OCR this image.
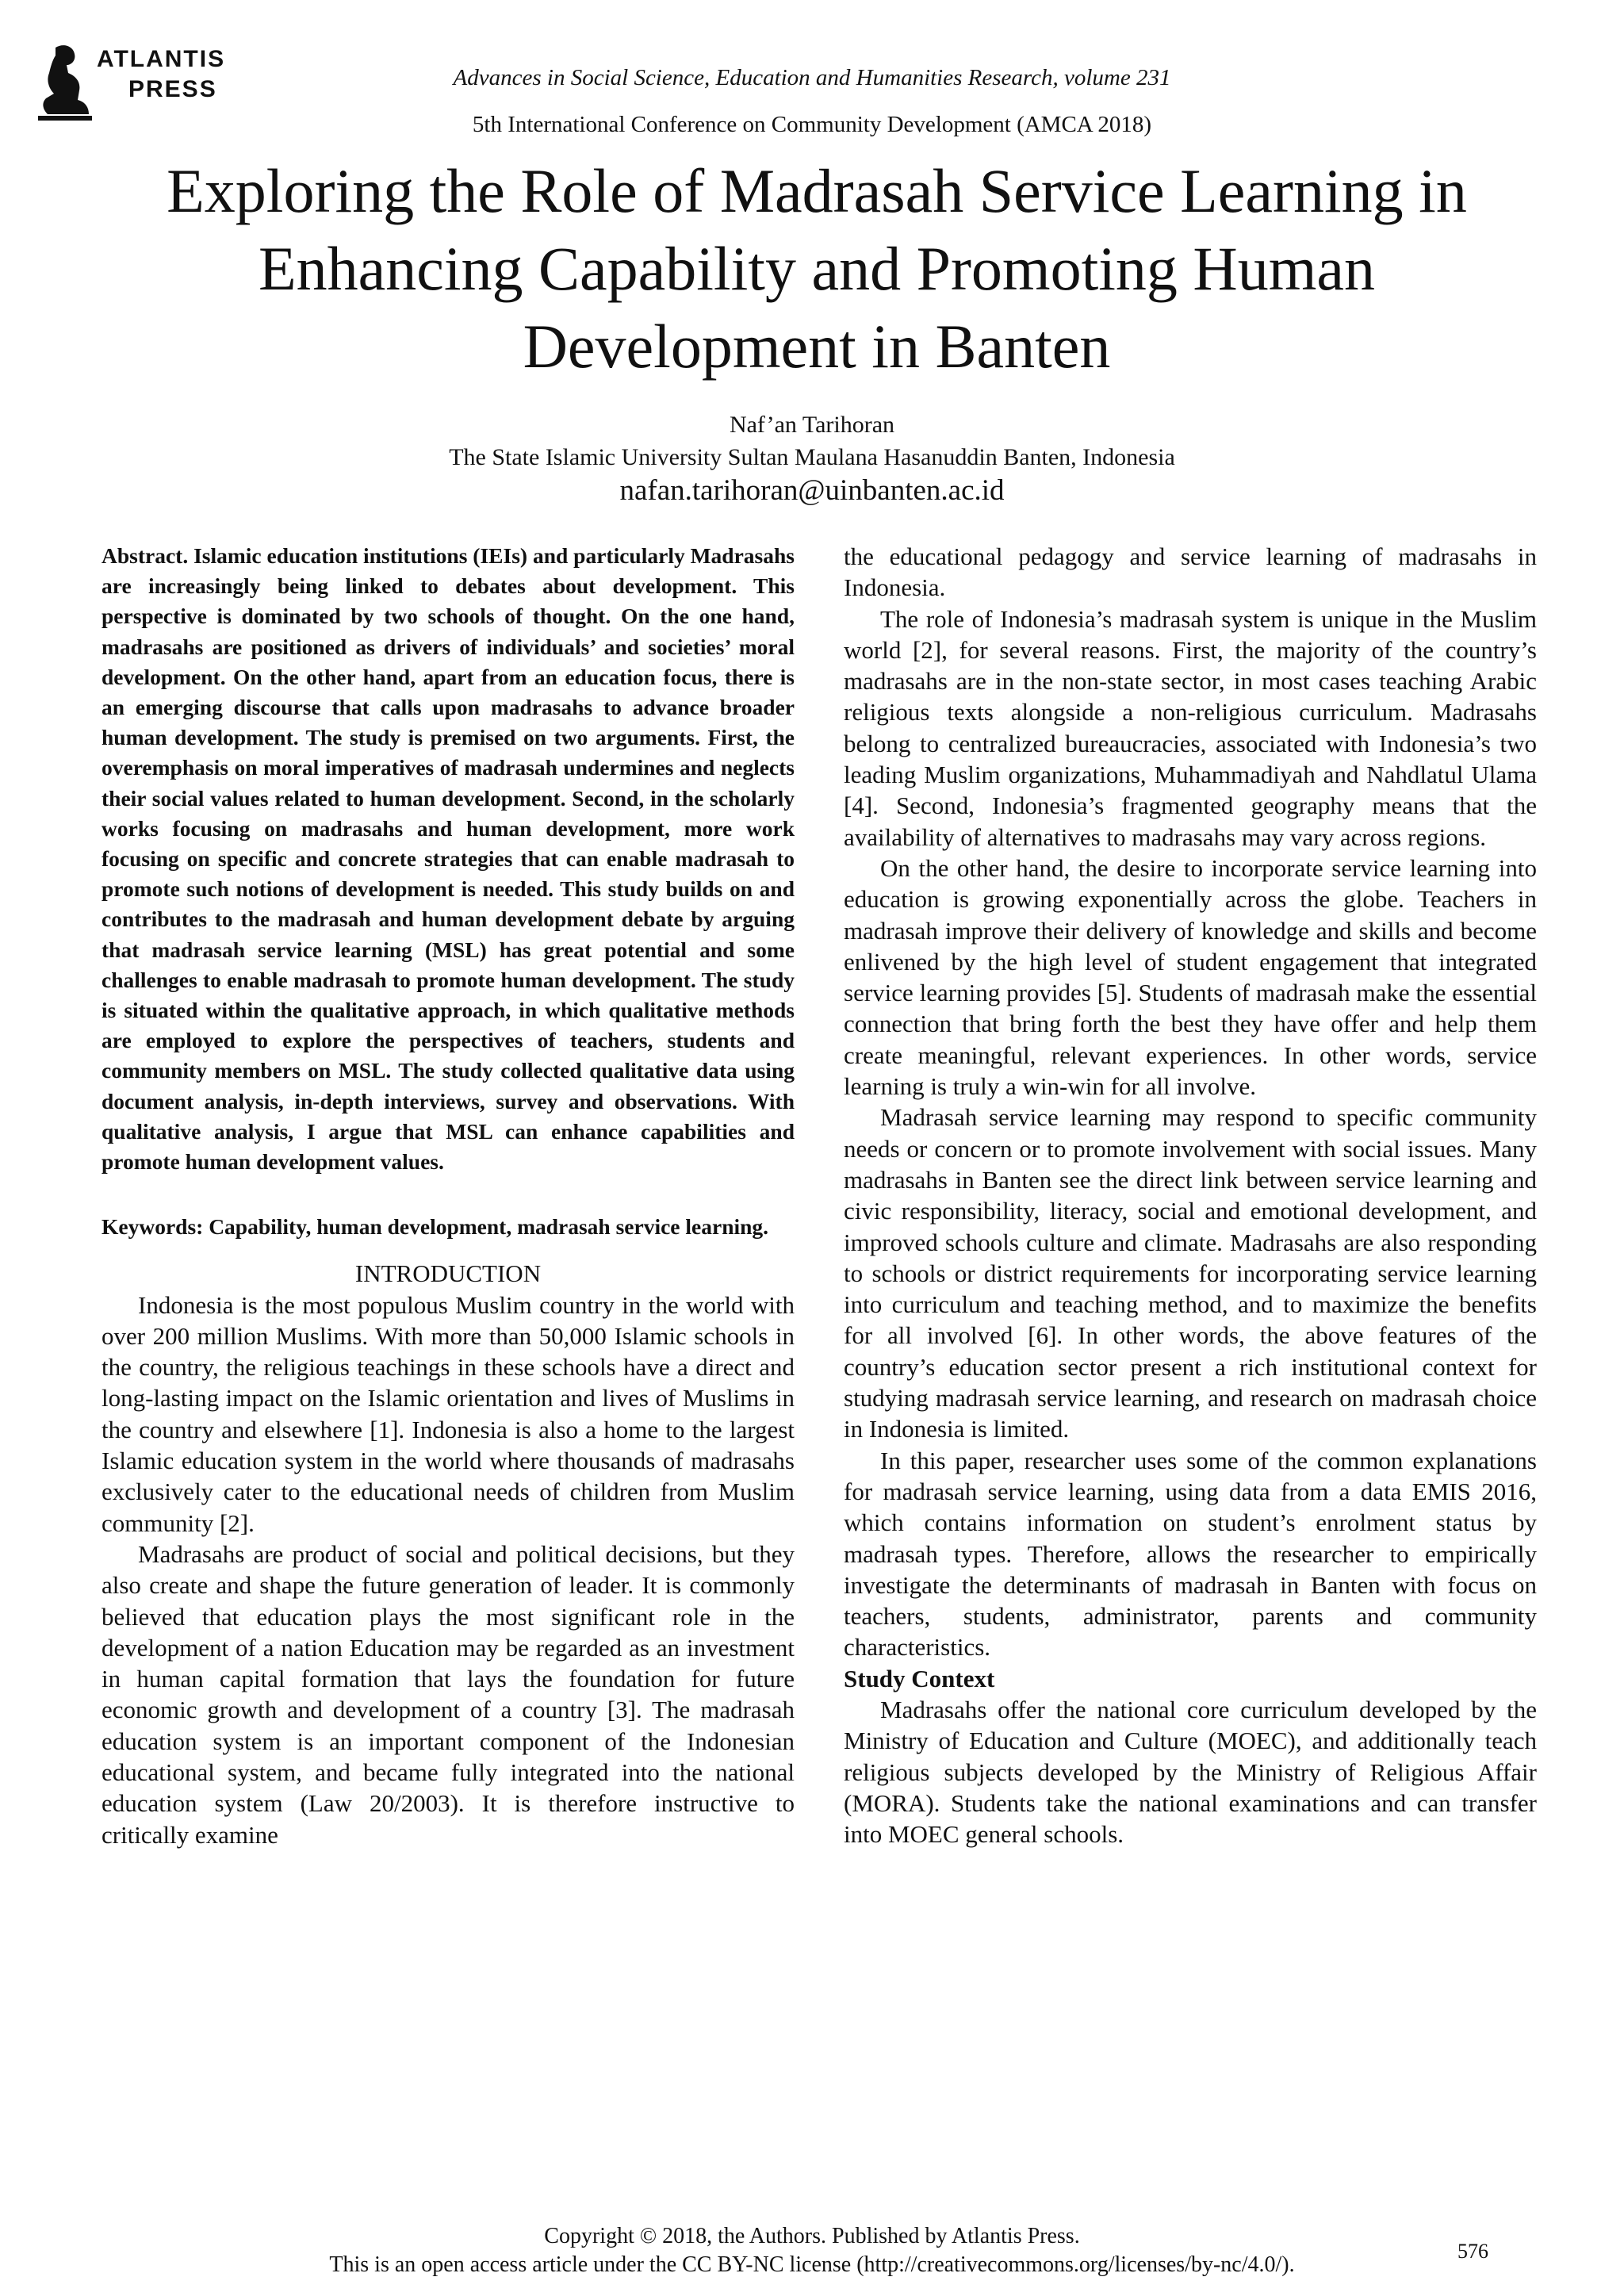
ATLANTIS
PRESS	Advances in Social Science, Education and Humanities Research, volume 231
5th International Conference on Community Development (AMCA 2018)
Exploring the Role of Madrasah Service Learning in Enhancing Capability and Promoting Human Development in Banten
Naf’an Tarihoran
The State Islamic University Sultan Maulana Hasanuddin Banten, Indonesia
nafan.tarihoran@uinbanten.ac.id

Abstract. Islamic education institutions (IEIs) and particularly Madrasahs are increasingly being linked to debates about development. This perspective is dominated by two schools of thought. On the one hand, madrasahs are positioned as drivers of individuals’ and societies’ moral development. On the other hand, apart from an education focus, there is an emerging discourse that calls upon madrasahs to advance broader human development. The study is premised on two arguments. First, the overemphasis on moral imperatives of madrasah undermines and neglects their social values related to human development. Second, in the scholarly works focusing on madrasahs and human development, more work focusing on specific and concrete strategies that can enable madrasah to promote such notions of development is needed. This study builds on and contributes to the madrasah and human development debate by arguing that madrasah service learning (MSL) has great potential and some challenges to enable madrasah to promote human development. The study is situated within the qualitative approach, in which qualitative methods are employed to explore the perspectives of teachers, students and community members on MSL. The study collected qualitative data using document analysis, in-depth interviews, survey and observations. With qualitative analysis, I argue that MSL can enhance capabilities and promote human development values.

Keywords: Capability, human development, madrasah service learning.

INTRODUCTION

Indonesia is the most populous Muslim country in the world with over 200 million Muslims. With more than 50,000 Islamic schools in the country, the religious teachings in these schools have a direct and long-lasting impact on the Islamic orientation and lives of Muslims in the country and elsewhere [1]. Indonesia is also a home to the largest Islamic education system in the world where thousands of madrasahs exclusively cater to the educational needs of children from Muslim community [2].

Madrasahs are product of social and political decisions, but they also create and shape the future generation of leader. It is commonly believed that education plays the most significant role in the development of a nation Education may be regarded as an investment in human capital formation that lays the foundation for future economic growth and development of a country [3]. The madrasah education system is an important component of the Indonesian educational system, and became fully integrated into the national education system (Law 20/2003). It is therefore instructive to critically examine

the educational pedagogy and service learning of madrasahs in Indonesia.

The role of Indonesia’s madrasah system is unique in the Muslim world [2], for several reasons. First, the majority of the country’s madrasahs are in the non-state sector, in most cases teaching Arabic religious texts alongside a non-religious curriculum. Madrasahs belong to centralized bureaucracies, associated with Indonesia’s two leading Muslim organizations, Muhammadiyah and Nahdlatul Ulama [4]. Second, Indonesia’s fragmented geography means that the availability of alternatives to madrasahs may vary across regions.

On the other hand, the desire to incorporate service learning into education is growing exponentially across the globe. Teachers in madrasah improve their delivery of knowledge and skills and become enlivened by the high level of student engagement that integrated service learning provides [5]. Students of madrasah make the essential connection that bring forth the best they have offer and help them create meaningful, relevant experiences. In other words, service learning is truly a win-win for all involve.

Madrasah service learning may respond to specific community needs or concern or to promote involvement with social issues. Many madrasahs in Banten see the direct link between service learning and civic responsibility, literacy, social and emotional development, and improved schools culture and climate. Madrasahs are also responding to schools or district requirements for incorporating service learning into curriculum and teaching method, and to maximize the benefits for all involved [6]. In other words, the above features of the country’s education sector present a rich institutional context for studying madrasah service learning, and research on madrasah choice in Indonesia is limited.

In this paper, researcher uses some of the common explanations for madrasah service learning, using data from a data EMIS 2016, which contains information on student’s enrolment status by madrasah types. Therefore, allows the researcher to empirically investigate the determinants of madrasah in Banten with focus on teachers, students, administrator, parents and community characteristics.

Study Context

Madrasahs offer the national core curriculum developed by the Ministry of Education and Culture (MOEC), and additionally teach religious subjects developed by the Ministry of Religious Affair (MORA). Students take the national examinations and can transfer into MOEC general schools.

Copyright © 2018, the Authors. Published by Atlantis Press.
This is an open access article under the CC BY-NC license (http://creativecommons.org/licenses/by-nc/4.0/).
576
